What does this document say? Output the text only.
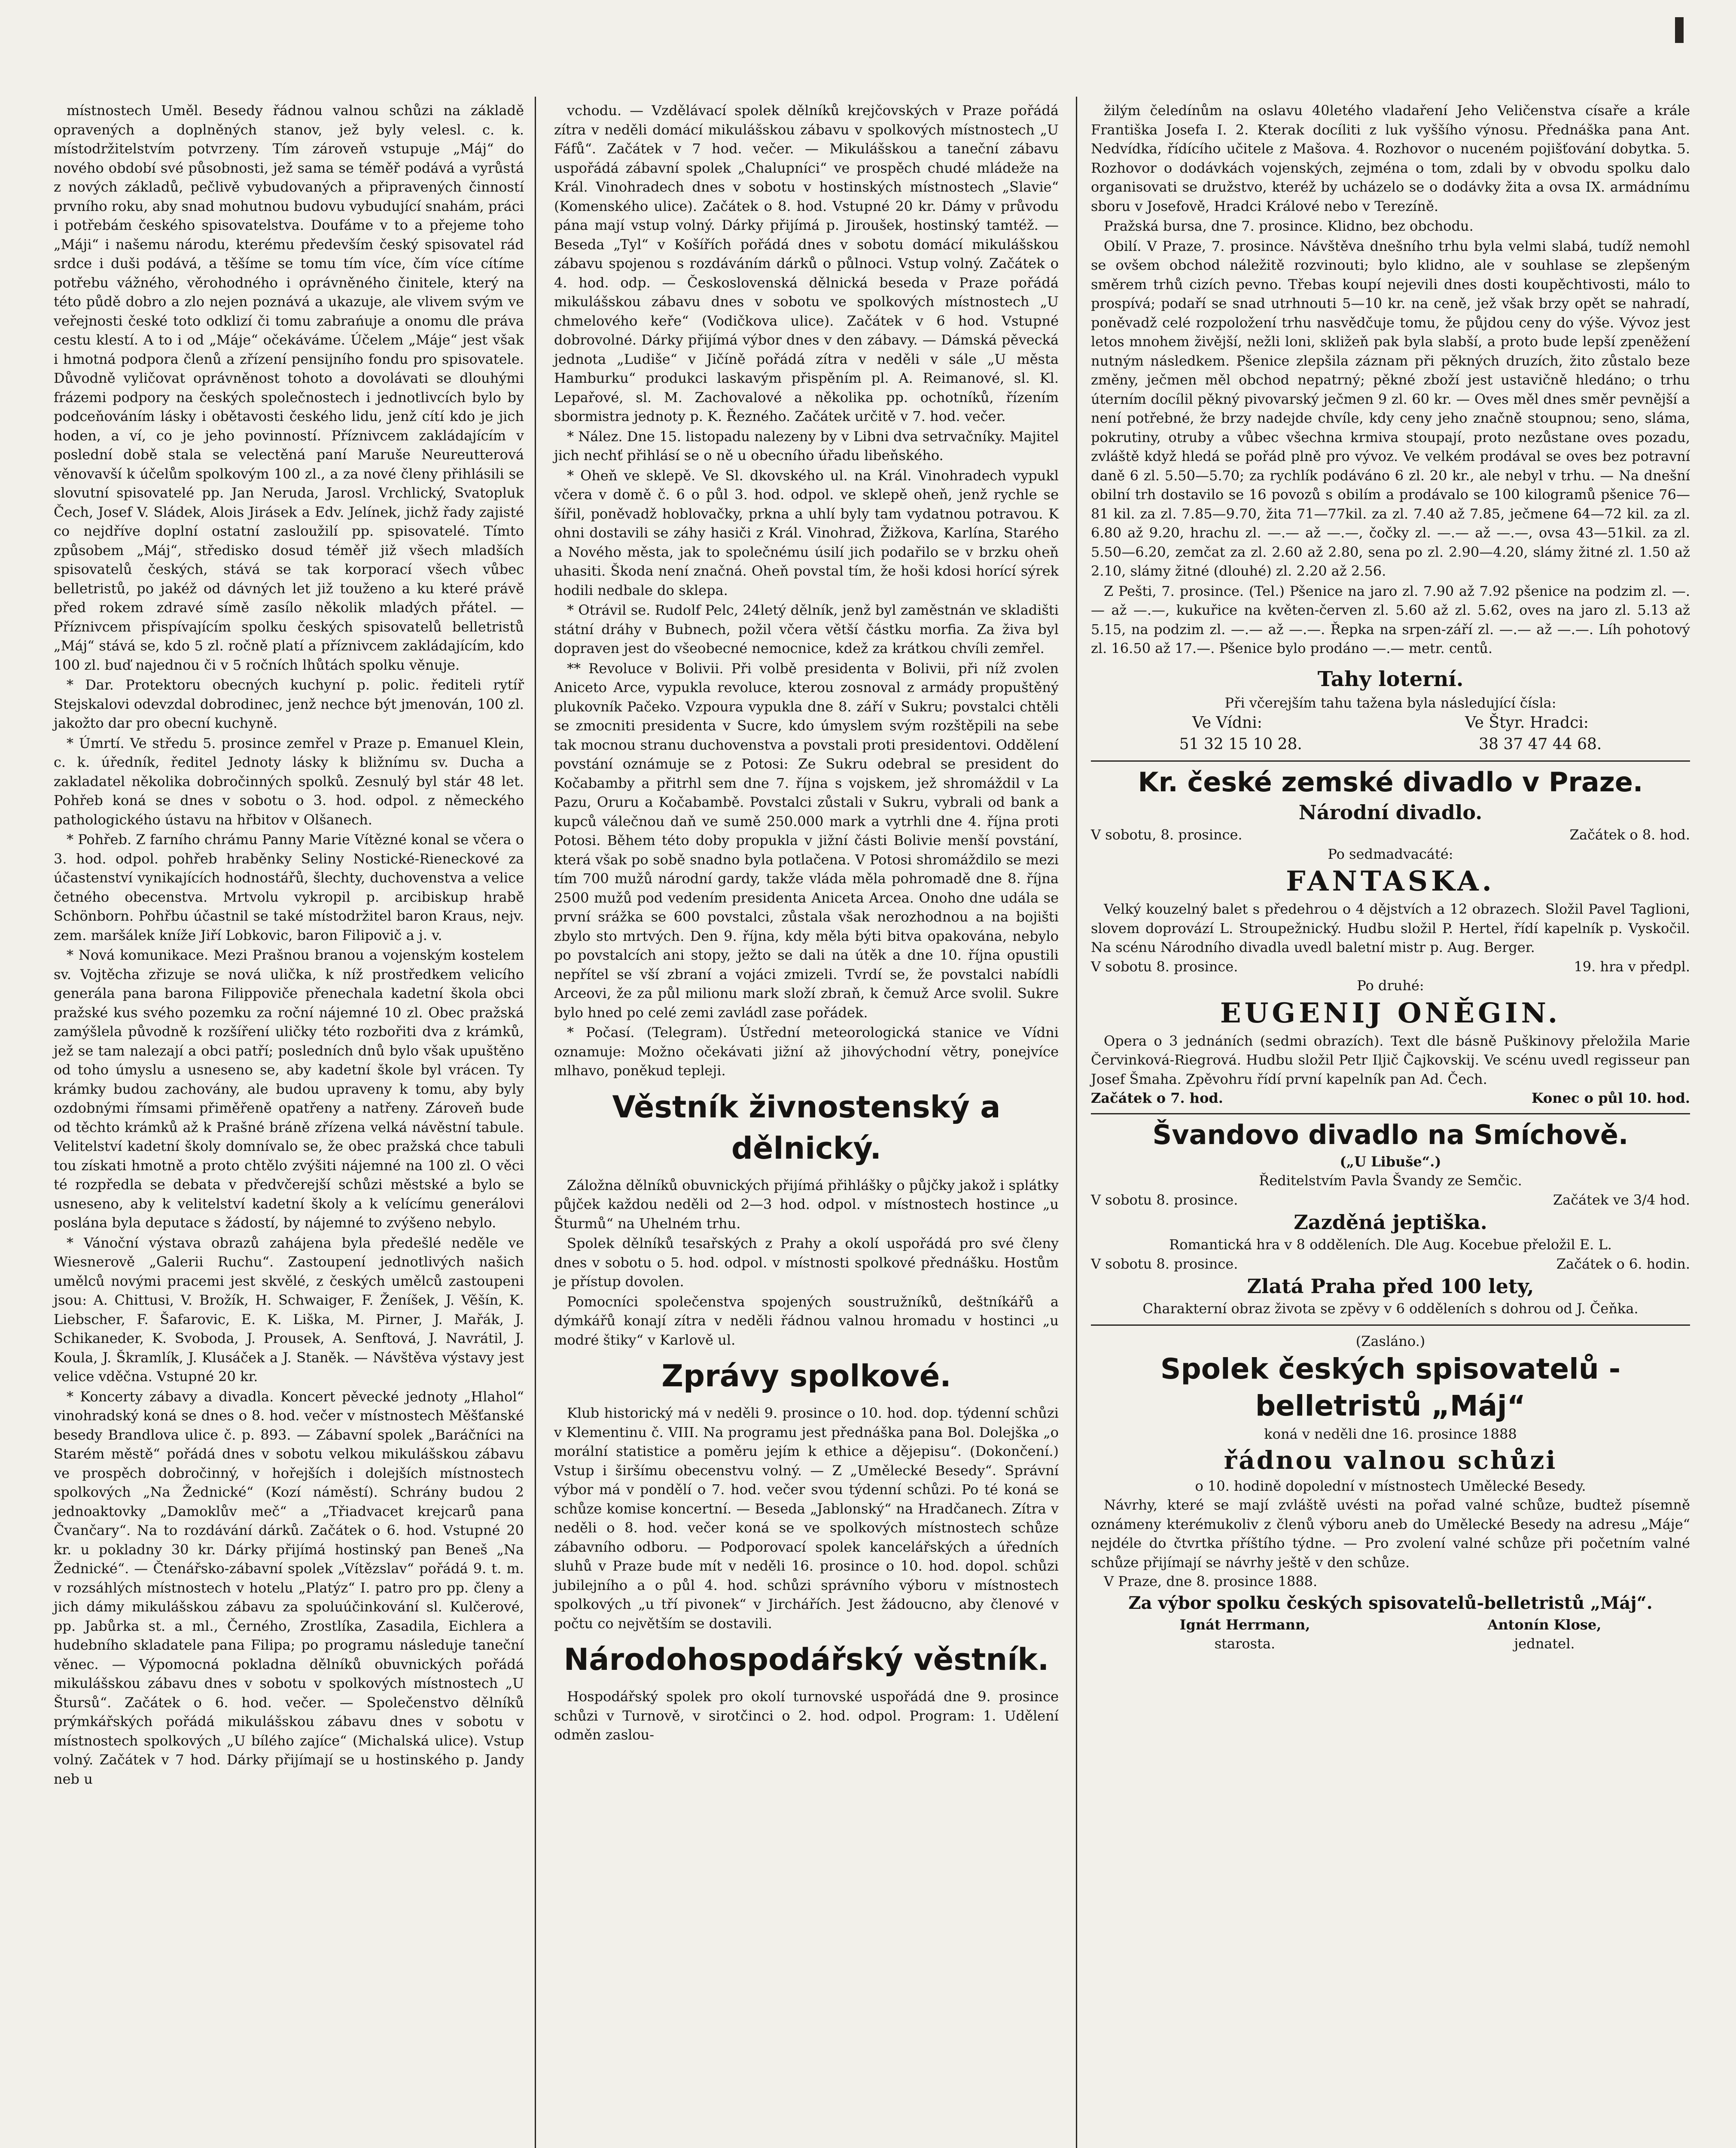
místnostech Uměl. Besedy řádnou valnou schůzi na základě opravených a doplněných stanov, jež byly velesl. c. k. místodržitelstvím potvrzeny. Tím zároveň vstupuje „Máj“ do nového období své působnosti, jež sama se téměř podává a vyrůstá z nových základů, pečlivě vybudovaných a připravených činností prvního roku, aby snad mohutnou budovu vybudující snahám, práci i potřebám českého spisovatelstva. Doufáme v to a přejeme toho „Máji“ i našemu národu, kterému především český spisovatel rád srdce i duši podává, a těšíme se tomu tím více, čím více cítíme potřebu vážného, věrohodného i oprávněného činitele, který na této půdě dobro a zlo nejen poznává a ukazuje, ale vlivem svým ve veřejnosti české toto odklizí či tomu zabrańuje a onomu dle práva cestu klestí. A to i od „Máje“ očekáváme. Účelem „Máje“ jest však i hmotná podpora členů a zřízení pensijního fondu pro spisovatele. Důvodně vyličovat oprávněnost tohoto a dovolávati se dlouhými frázemi podpory na českých společnostech i jednotlivcích bylo by podceňováním lásky i obětavosti českého lidu, jenž cítí kdo je jich hoden, a ví, co je jeho povinností. Příznivcem zakládajícím v poslední době stala se velectěná paní Maruše Neureutterová věnovavší k účelům spolkovým 100 zl., a za nové členy přihlásili se slovutní spisovatelé pp. Jan Neruda, Jarosl. Vrchlický, Svatopluk Čech, Josef V. Sládek, Alois Jirásek a Edv. Jelínek, jichž řady zajisté co nejdříve doplní ostatní zasloužilí pp. spisovatelé. Tímto způsobem „Máj“, středisko dosud téměř již všech mladších spisovatelů českých, stává se tak korporací všech vůbec belletristů, po jakéž od dávných let již touženo a ku které právě před rokem zdravé símě zasílo několik mladých přátel. — Příznivcem přispívajícím spolku českých spisovatelů belletristů „Máj“ stává se, kdo 5 zl. ročně platí a příznivcem zakládajícím, kdo 100 zl. buď najednou či v 5 ročních lhůtách spolku věnuje.

* Dar. Protektoru obecných kuchyní p. polic. řediteli rytíř Stejskalovi odevzdal dobrodinec, jenž nechce být jmenován, 100 zl. jakožto dar pro obecní kuchyně.

* Úmrtí. Ve středu 5. prosince zemřel v Praze p. Emanuel Klein, c. k. úředník, ředitel Jednoty lásky k bližnímu sv. Ducha a zakladatel několika dobročinných spolků. Zesnulý byl stár 48 let. Pohřeb koná se dnes v sobotu o 3. hod. odpol. z německého pathologického ústavu na hřbitov v Olšanech.

* Pohřeb. Z farního chrámu Panny Marie Vítězné konal se včera o 3. hod. odpol. pohřeb hraběnky Seliny Nostické-Rieneckové za účastenství vynikajících hodnostářů, šlechty, duchovenstva a velice četného obecenstva. Mrtvolu vykropil p. arcibiskup hrabě Schönborn. Pohřbu účastnil se také místodržitel baron Kraus, nejv. zem. maršálek kníže Jiří Lobkovic, baron Filipovič a j. v.

* Nová komunikace. Mezi Prašnou branou a vojenským kostelem sv. Vojtěcha zřizuje se nová ulička, k níž prostředkem velicího generála pana barona Filippoviče přenechala kadetní škola obci pražské kus svého pozemku za roční nájemné 10 zl. Obec pražská zamýšlela původně k rozšíření uličky této rozbořiti dva z krámků, jež se tam nalezají a obci patří; posledních dnů bylo však upuštěno od toho úmyslu a usneseno se, aby kadetní škole byl vrácen. Ty krámky budou zachovány, ale budou upraveny k tomu, aby byly ozdobnými římsami přiměřeně opatřeny a natřeny. Zároveň bude od těchto krámků až k Prašné bráně zřízena velká návěstní tabule. Velitelství kadetní školy domnívalo se, že obec pražská chce tabuli tou získati hmotně a proto chtělo zvýšiti nájemné na 100 zl. O věci té rozpředla se debata v předvčerejší schůzi městské a bylo se usneseno, aby k velitelství kadetní školy a k velícímu generálovi poslána byla deputace s žádostí, by nájemné to zvýšeno nebylo.

* Vánoční výstava obrazů zahájena byla předešlé neděle ve Wiesnerově „Galerii Ruchu“. Zastoupení jednotlivých našich umělců novými pracemi jest skvělé, z českých umělců zastoupeni jsou: A. Chittusi, V. Brožík, H. Schwaiger, F. Ženíšek, J. Věšín, K. Liebscher, F. Šafarovic, E. K. Liška, M. Pirner, J. Mařák, J. Schikaneder, K. Svoboda, J. Prousek, A. Senftová, J. Navrátil, J. Koula, J. Škramlík, J. Klusáček a J. Staněk. — Návštěva výstavy jest velice vděčna. Vstupné 20 kr.

* Koncerty zábavy a divadla. Koncert pěvecké jednoty „Hlahol“ vinohradský koná se dnes o 8. hod. večer v místnostech Měšťanské besedy Brandlova ulice č. p. 893. — Zábavní spolek „Baráčníci na Starém městě“ pořádá dnes v sobotu velkou mikulášskou zábavu ve prospěch dobročinný, v hořejších i dolejších místnostech spolkových „Na Žednické“ (Kozí náměstí). Schrány budou 2 jednoaktovky „Damoklův meč“ a „Třiadvacet krejcarů pana Čvančary“. Na to rozdávání dárků. Začátek o 6. hod. Vstupné 20 kr. u pokladny 30 kr. Dárky přijímá hostinský pan Beneš „Na Žednické“. — Čtenářsko-zábavní spolek „Vítězslav“ pořádá 9. t. m. v rozsáhlých místnostech v hotelu „Platýz“ I. patro pro pp. členy a jich dámy mikulášskou zábavu za spoluúčinkování sl. Kulčerové, pp. Jabůrka st. a ml., Černého, Zrostlíka, Zasadila, Eichlera a hudebního skladatele pana Filipa; po programu následuje taneční věnec. — Výpomocná pokladna dělníků obuvnických pořádá mikulášskou zábavu dnes v sobotu v spolkových místnostech „U Štursů“. Začátek o 6. hod. večer. — Společenstvo dělníků prýmkářských pořádá mikulášskou zábavu dnes v sobotu v místnostech spolkových „U bílého zajíce“ (Michalská ulice). Vstup volný. Začátek v 7 hod. Dárky přijímají se u hostinského p. Jandy neb u

vchodu. — Vzdělávací spolek dělníků krejčovských v Praze pořádá zítra v neděli domácí mikulášskou zábavu v spolkových místnostech „U Fáfů“. Začátek v 7 hod. večer. — Mikulášskou a taneční zábavu uspořádá zábavní spolek „Chalupníci“ ve prospěch chudé mládeže na Král. Vinohradech dnes v sobotu v hostinských místnostech „Slavie“ (Komenského ulice). Začátek o 8. hod. Vstupné 20 kr. Dámy v průvodu pána mají vstup volný. Dárky přijímá p. Jiroušek, hostinský tamtéž. — Beseda „Tyl“ v Košířích pořádá dnes v sobotu domácí mikulášskou zábavu spojenou s rozdáváním dárků o půlnoci. Vstup volný. Začátek o 4. hod. odp. — Československá dělnická beseda v Praze pořádá mikulášskou zábavu dnes v sobotu ve spolkových místnostech „U chmelového keře“ (Vodičkova ulice). Začátek v 6 hod. Vstupné dobrovolné. Dárky přijímá výbor dnes v den zábavy. — Dámská pěvecká jednota „Ludiše“ v Jičíně pořádá zítra v neděli v sále „U města Hamburku“ produkci laskavým přispěním pl. A. Reimanové, sl. Kl. Lepařové, sl. M. Zachovalové a několika pp. ochotníků, řízením sbormistra jednoty p. K. Řezného. Začátek určitě v 7. hod. večer.

* Nález. Dne 15. listopadu nalezeny by v Libni dva setrvačníky. Majitel jich nechť přihlásí se o ně u obecního úřadu libeňského.

* Oheň ve sklepě. Ve Sl. dkovského ul. na Král. Vinohradech vypukl včera v domě č. 6 o půl 3. hod. odpol. ve sklepě oheň, jenž rychle se šířil, poněvadž hoblovačky, prkna a uhlí byly tam vydatnou potravou. K ohni dostavili se záhy hasiči z Král. Vinohrad, Žižkova, Karlína, Starého a Nového města, jak to společnému úsilí jich podařilo se v brzku oheň uhasiti. Škoda není značná. Oheň povstal tím, že hoši kdosi horící sýrek hodili nedbale do sklepa.

* Otrávil se. Rudolf Pelc, 24letý dělník, jenž byl zaměstnán ve skladišti státní dráhy v Bubnech, požil včera větší částku morfia. Za živa byl dopraven jest do všeobecné nemocnice, kdež za krátkou chvíli zemřel.

** Revoluce v Bolivii. Při volbě presidenta v Bolivii, při níž zvolen Aniceto Arce, vypukla revoluce, kterou zosnoval z armády propuštěný plukovník Pačeko. Vzpoura vypukla dne 8. září v Sukru; povstalci chtěli se zmocniti presidenta v Sucre, kdo úmyslem svým rozštěpili na sebe tak mocnou stranu duchovenstva a povstali proti presidentovi. Oddělení povstání oznámuje se z Potosi: Ze Sukru odebral se president do Kočabamby a přitrhl sem dne 7. října s vojskem, jež shromáždil v La Pazu, Oruru a Kočabambě. Povstalci zůstali v Sukru, vybrali od bank a kupců válečnou daň ve sumě 250.000 mark a vytrhli dne 4. října proti Potosi. Během této doby propukla v jižní části Bolivie menší povstání, která však po sobě snadno byla potlačena. V Potosi shromáždilo se mezi tím 700 mužů národní gardy, takže vláda měla pohromadě dne 8. října 2500 mužů pod vedením presidenta Aniceta Arcea. Onoho dne udála se první srážka se 600 povstalci, zůstala však nerozhodnou a na bojišti zbylo sto mrtvých. Den 9. října, kdy měla býti bitva opakována, nebylo po povstalcích ani stopy, ježto se dali na útěk a dne 10. října opustili nepřítel se vší zbraní a vojáci zmizeli. Tvrdí se, že povstalci nabídli Arceovi, že za půl milionu mark složí zbraň, k čemuž Arce svolil. Sukre bylo hned po celé zemi zavládl zase pořádek.

* Počasí. (Telegram). Ústřední meteorologická stanice ve Vídni oznamuje: Možno očekávati jižní až jihovýchodní větry, ponejvíce mlhavo, poněkud tepleji.

Věstník živnostenský a dělnický.

Záložna dělníků obuvnických přijímá přihlášky o půjčky jakož i splátky půjček každou neděli od 2—3 hod. odpol. v místnostech hostince „u Šturmů“ na Uhelném trhu.

Spolek dělníků tesařských z Prahy a okolí uspořádá pro své členy dnes v sobotu o 5. hod. odpol. v místnosti spolkové přednášku. Hostům je přístup dovolen.

Pomocníci společenstva spojených soustružníků, deštníkářů a dýmkářů konají zítra v neděli řádnou valnou hromadu v hostinci „u modré štiky“ v Karlově ul.

Zprávy spolkové.

Klub historický má v neděli 9. prosince o 10. hod. dop. týdenní schůzi v Klementinu č. VIII. Na programu jest přednáška pana Bol. Dolejška „o morální statistice a poměru jejím k ethice a dějepisu“. (Dokončení.) Vstup i širšímu obecenstvu volný. — Z „Umělecké Besedy“. Správní výbor má v pondělí o 7. hod. večer svou týdenní schůzi. Po té koná se schůze komise koncertní. — Beseda „Jablonský“ na Hradčanech. Zítra v neděli o 8. hod. večer koná se ve spolkových místnostech schůze zábavního odboru. — Podporovací spolek kancelářských a úředních sluhů v Praze bude mít v neděli 16. prosince o 10. hod. dopol. schůzi jubilejního a o půl 4. hod. schůzi správního výboru v místnostech spolkových „u tří pivonek“ v Jirchářích. Jest žádoucno, aby členové v počtu co největším se dostavili.

Národohospodářský věstník.

Hospodářský spolek pro okolí turnovské uspořádá dne 9. prosince schůzi v Turnově, v sirotčinci o 2. hod. odpol. Program: 1. Udělení odměn zaslou-

žilým čeledínům na oslavu 40letého vladaření Jeho Veličenstva císaře a krále Františka Josefa I. 2. Kterak docíliti z luk vyššího výnosu. Přednáška pana Ant. Nedvídka, řídícího učitele z Mašova. 4. Rozhovor o nuceném pojišťování dobytka. 5. Rozhovor o dodávkách vojenských, zejména o tom, zdali by v obvodu spolku dalo organisovati se družstvo, kteréž by ucházelo se o dodávky žita a ovsa IX. armádnímu sboru v Josefově, Hradci Králové nebo v Terezíně.

Pražská bursa, dne 7. prosince. Klidno, bez obchodu.

Obilí. V Praze, 7. prosince. Návštěva dnešního trhu byla velmi slabá, tudíž nemohl se ovšem obchod náležitě rozvinouti; bylo klidno, ale v souhlase se zlepšeným směrem trhů cizích pevno. Třebas koupí nejevili dnes dosti koupěchtivosti, málo to prospívá; podaří se snad utrhnouti 5—10 kr. na ceně, jež však brzy opět se nahradí, poněvadž celé rozpoložení trhu nasvědčuje tomu, že půjdou ceny do výše. Vývoz jest letos mnohem živější, nežli loni, skližeň pak byla slabší, a proto bude lepší zpeněžení nutným následkem. Pšenice zlepšila záznam při pěkných druzích, žito zůstalo beze změny, ječmen měl obchod nepatrný; pěkné zboží jest ustavičně hledáno; o trhu úterním docílil pěkný pivovarský ječmen 9 zl. 60 kr. — Oves měl dnes směr pevnější a není potřebné, že brzy nadejde chvíle, kdy ceny jeho značně stoupnou; seno, sláma, pokrutiny, otruby a vůbec všechna krmiva stoupají, proto nezůstane oves pozadu, zvláště když hledá se pořád plně pro vývoz. Ve velkém prodával se oves bez potravní daně 6 zl. 5.50—5.70; za rychlík podáváno 6 zl. 20 kr., ale nebyl v trhu. — Na dnešní obilní trh dostavilo se 16 povozů s obilím a prodávalo se 100 kilogramů pšenice 76—81 kil. za zl. 7.85—9.70, žita 71—77kil. za zl. 7.40 až 7.85, ječmene 64—72 kil. za zl. 6.80 až 9.20, hrachu zl. —.— až —.—, čočky zl. —.— až —.—, ovsa 43—51kil. za zl. 5.50—6.20, zemčat za zl. 2.60 až 2.80, sena po zl. 2.90—4.20, slámy žitné zl. 1.50 až 2.10, slámy žitné (dlouhé) zl. 2.20 až 2.56.

Z Pešti, 7. prosince. (Tel.) Pšenice na jaro zl. 7.90 až 7.92 pšenice na podzim zl. —.— až —.—, kukuřice na květen-červen zl. 5.60 až zl. 5.62, oves na jaro zl. 5.13 až 5.15, na podzim zl. —.— až —.—. Řepka na srpen-září zl. —.— až —.—. Líh pohotový zl. 16.50 až 17.—. Pšenice bylo prodáno —.— metr. centů.

Tahy loterní.
Při včerejším tahu tažena byla následující čísla:
Ve Vídni:	Ve Štyr. Hradci:
51 32 15 10 28.	38 37 47 44 68.
Kr. české zemské divadlo v Praze.
Národní divadlo.
V sobotu, 8. prosince.	Začátek o 8. hod.
Po sedmadvacáté:
FANTASKA.

Velký kouzelný balet s předehrou o 4 dějstvích a 12 obrazech. Složil Pavel Taglioni, slovem doprovází L. Stroupežnický. Hudbu složil P. Hertel, řídí kapelník p. Vyskočil. Na scénu Národního divadla uvedl baletní mistr p. Aug. Berger.

V sobotu 8. prosince.	19. hra v předpl.
Po druhé:
EUGENIJ ONĚGIN.

Opera o 3 jednáních (sedmi obrazích). Text dle básně Puškinovy přeložila Marie Červinková-Riegrová. Hudbu složil Petr Iljič Čajkovskij. Ve scénu uvedl regisseur pan Josef Šmaha. Zpěvohru řídí první kapelník pan Ad. Čech.

Začátek o 7. hod.	Konec o půl 10. hod.
Švandovo divadlo na Smíchově.
(„U Libuše“.)
Ředitelstvím Pavla Švandy ze Semčic.
V sobotu 8. prosince.	Začátek ve 3/4 hod.
Zazděná jeptiška.
Romantická hra v 8 odděleních. Dle Aug. Kocebue přeložil E. L.
V sobotu 8. prosince.	Začátek o 6. hodin.
Zlatá Praha před 100 lety,
Charakterní obraz života se zpěvy v 6 odděleních s dohrou od J. Čeňka.
(Zasláno.)
Spolek českých spisovatelů - belletristů „Máj“
koná v neděli dne 16. prosince 1888
řádnou valnou schůzi
o 10. hodině dopolední v místnostech Umělecké Besedy.

Návrhy, které se mají zvláště uvésti na pořad valné schůze, budtež písemně oznámeny kterémukoliv z členů výboru aneb do Umělecké Besedy na adresu „Máje“ nejdéle do čtvrtka příštího týdne. — Pro zvolení valné schůze při početním valné schůze přijímají se návrhy ještě v den schůze.

V Praze, dne 8. prosince 1888.
Za výbor spolku českých spisovatelů-belletristů „Máj“.
Ignát Herrmann,
starosta.
Antonín Klose,
jednatel.
